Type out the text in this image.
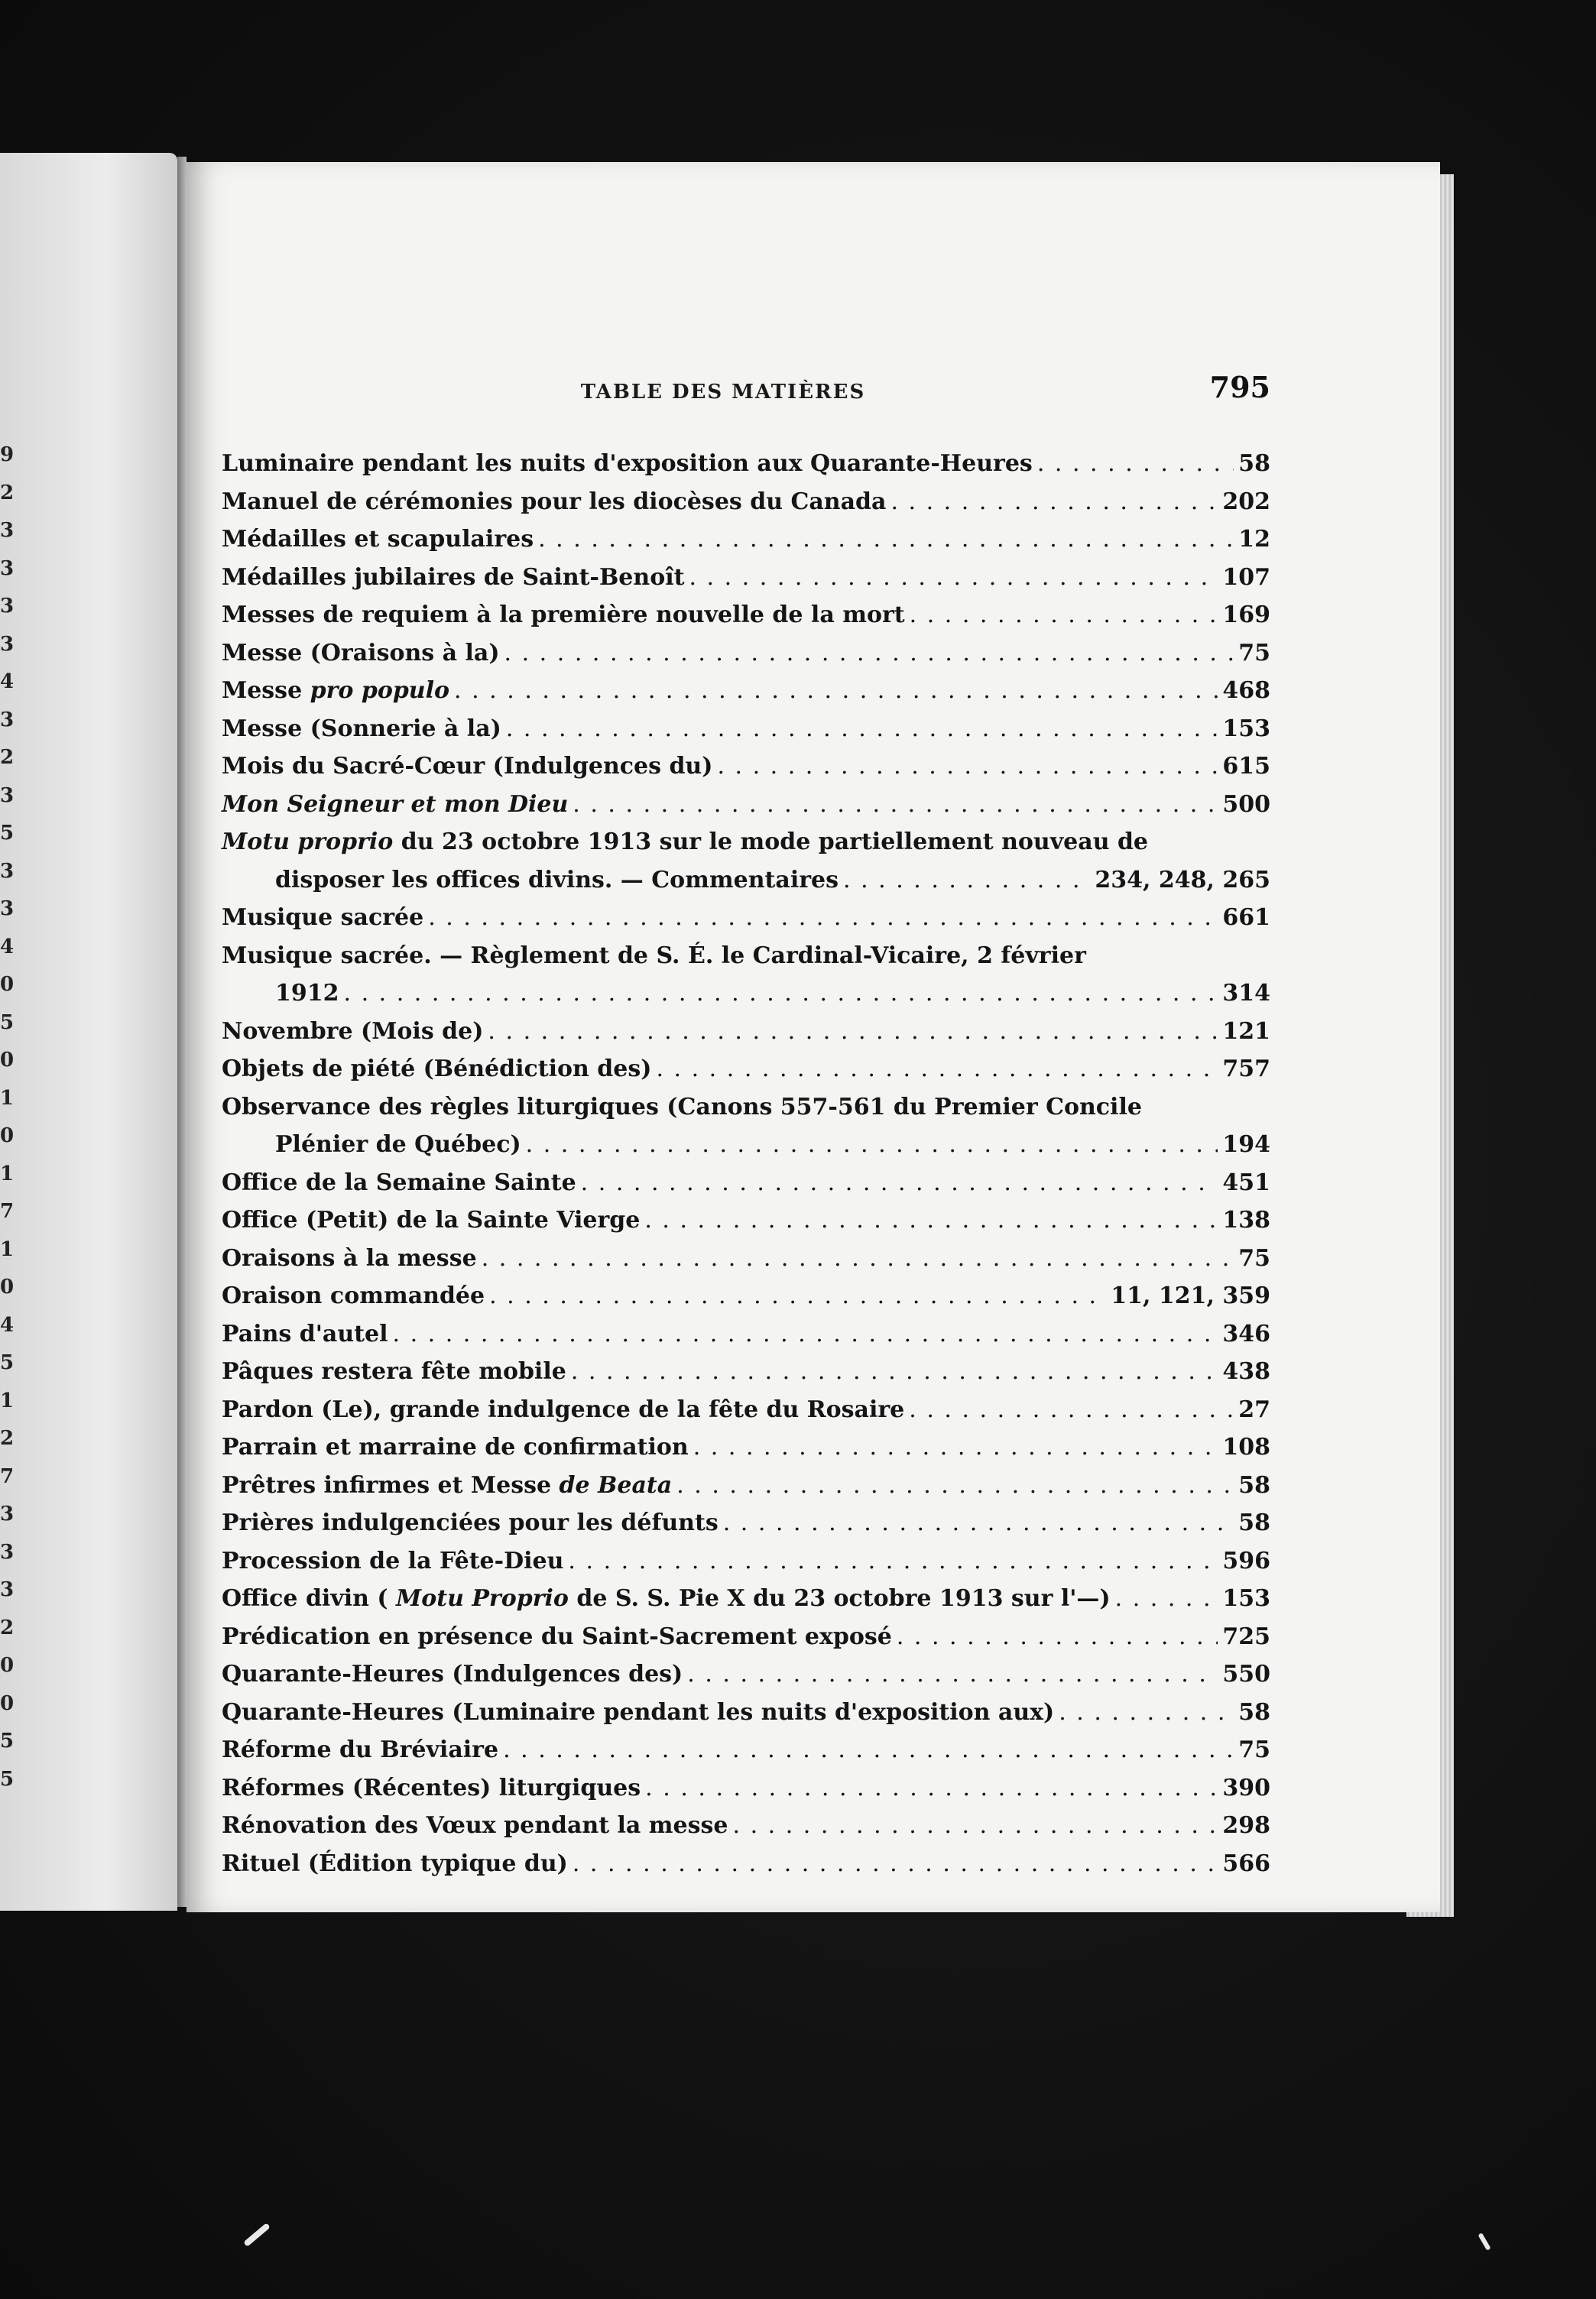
9
2
3
3
3
3
4
3
2
3
5
3
3
4
0
5
0
1
0
1
7
1
0
4
5
1
2
7
3
3
3
2
0
0
5
5
TABLE DES MATIÈRES	795
Luminaire pendant les nuits d'exposition aux Quarante-Heures . . .	58
Manuel de cérémonies pour les diocèses du Canada . . .	202
Médailles et scapulaires . . .	12
Médailles jubilaires de Saint-Benoît . . .	107
Messes de requiem à la première nouvelle de la mort . . .	169
Messe (Oraisons à la) . . .	75
Messe pro populo . . .	468
Messe (Sonnerie à la) . . .	153
Mois du Sacré-Cœur (Indulgences du) . . .	615
Mon Seigneur et mon Dieu . . .	500
Motu proprio du 23 octobre 1913 sur le mode partiellement nouveau de
disposer les offices divins. — Commentaires . . .	234, 248, 265
Musique sacrée . . .	661
Musique sacrée. — Règlement de S. É. le Cardinal-Vicaire, 2 février
1912 . . .	314
Novembre (Mois de) . . .	121
Objets de piété (Bénédiction des) . . .	757
Observance des règles liturgiques (Canons 557-561 du Premier Concile
Plénier de Québec) . . .	194
Office de la Semaine Sainte . . .	451
Office (Petit) de la Sainte Vierge . . .	138
Oraisons à la messe . . .	75
Oraison commandée . . .	11, 121, 359
Pains d'autel . . .	346
Pâques restera fête mobile . . .	438
Pardon (Le), grande indulgence de la fête du Rosaire . . .	27
Parrain et marraine de confirmation . . .	108
Prêtres infirmes et Messe de Beata . . .	58
Prières indulgenciées pour les défunts . . .	58
Procession de la Fête-Dieu . . .	596
Office divin ( Motu Proprio de S. S. Pie X du 23 octobre 1913 sur l'—) . . .	153
Prédication en présence du Saint-Sacrement exposé . . .	725
Quarante-Heures (Indulgences des) . . .	550
Quarante-Heures (Luminaire pendant les nuits d'exposition aux) . . .	58
Réforme du Bréviaire . . .	75
Réformes (Récentes) liturgiques . . .	390
Rénovation des Vœux pendant la messe . . .	298
Rituel (Édition typique du) . . .	566
